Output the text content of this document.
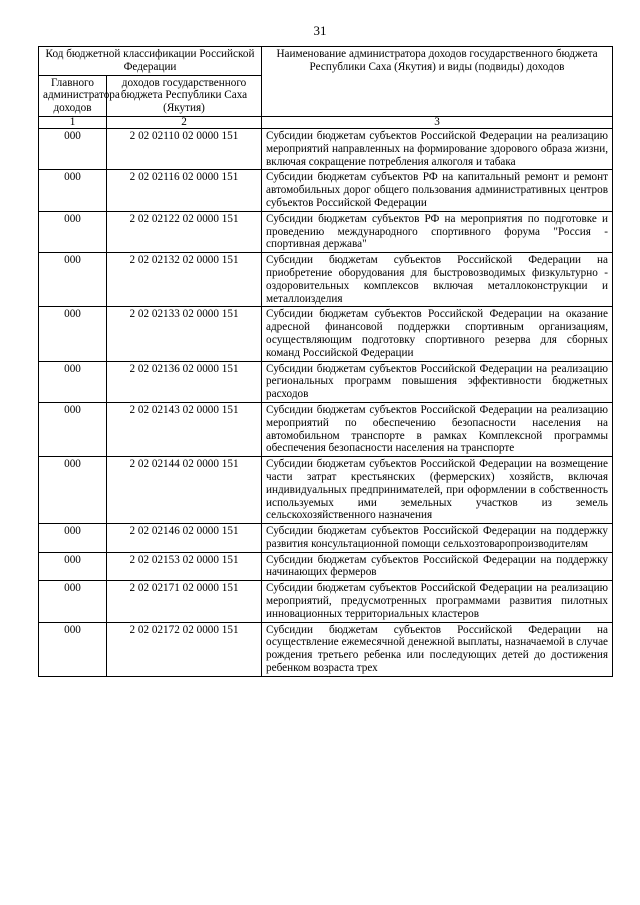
31
Код бюджетной классификации Российской Федерации		Наименование администратора доходов государственного бюджета Республики Саха (Якутия) и виды (подвиды) доходов
Главного администратора доходов	доходов государственного бюджета Республики Саха (Якутия)	
1	2	3
000	2 02 02110 02 0000 151	Субсидии бюджетам субъектов Российской Федерации на реализацию мероприятий направленных на формирование здорового образа жизни, включая сокращение потребления алкоголя и табака
000	2 02 02116 02 0000 151	Субсидии бюджетам субъектов РФ на капитальный ремонт и ремонт автомобильных дорог общего пользования административных центров субъектов Российской Федерации
000	2 02 02122 02 0000 151	Субсидии бюджетам субъектов РФ на мероприятия по подготовке и проведению международного спортивного форума "Россия - спортивная держава"
000	2 02 02132 02 0000 151	Субсидии бюджетам субъектов Российской Федерации на приобретение оборудования для быстровозводимых физкультурно - оздоровительных комплексов включая металлоконструкции и металлоизделия
000	2 02 02133 02 0000 151	Субсидии бюджетам субъектов Российской Федерации на оказание адресной финансовой поддержки спортивным организациям, осуществляющим подготовку спортивного резерва для сборных команд Российской Федерации
000	2 02 02136 02 0000 151	Субсидии бюджетам субъектов Российской Федерации на реализацию региональных программ повышения эффективности бюджетных расходов
000	2 02 02143 02 0000 151	Субсидии бюджетам субъектов Российской Федерации на реализацию мероприятий по обеспечению безопасности населения на автомобильном транспорте в рамках Комплексной программы обеспечения безопасности населения на транспорте
000	2 02 02144 02 0000 151	Субсидии бюджетам субъектов Российской Федерации на возмещение части затрат крестьянских (фермерских) хозяйств, включая индивидуальных предпринимателей, при оформлении в собственность используемых ими земельных участков из земель сельскохозяйственного назначения
000	2 02 02146 02 0000 151	Субсидии бюджетам субъектов Российской Федерации на поддержку развития консультационной помощи сельхозтоваропроизводителям
000	2 02 02153 02 0000 151	Субсидии бюджетам субъектов Российской Федерации на поддержку начинающих фермеров
000	2 02 02171 02 0000 151	Субсидии бюджетам субъектов Российской Федерации на реализацию мероприятий, предусмотренных программами развития пилотных инновационных территориальных кластеров
000	2 02 02172 02 0000 151	Субсидии бюджетам субъектов Российской Федерации на осуществление ежемесячной денежной выплаты, назначаемой в случае рождения третьего ребенка или последующих детей до достижения ребенком возраста трех
